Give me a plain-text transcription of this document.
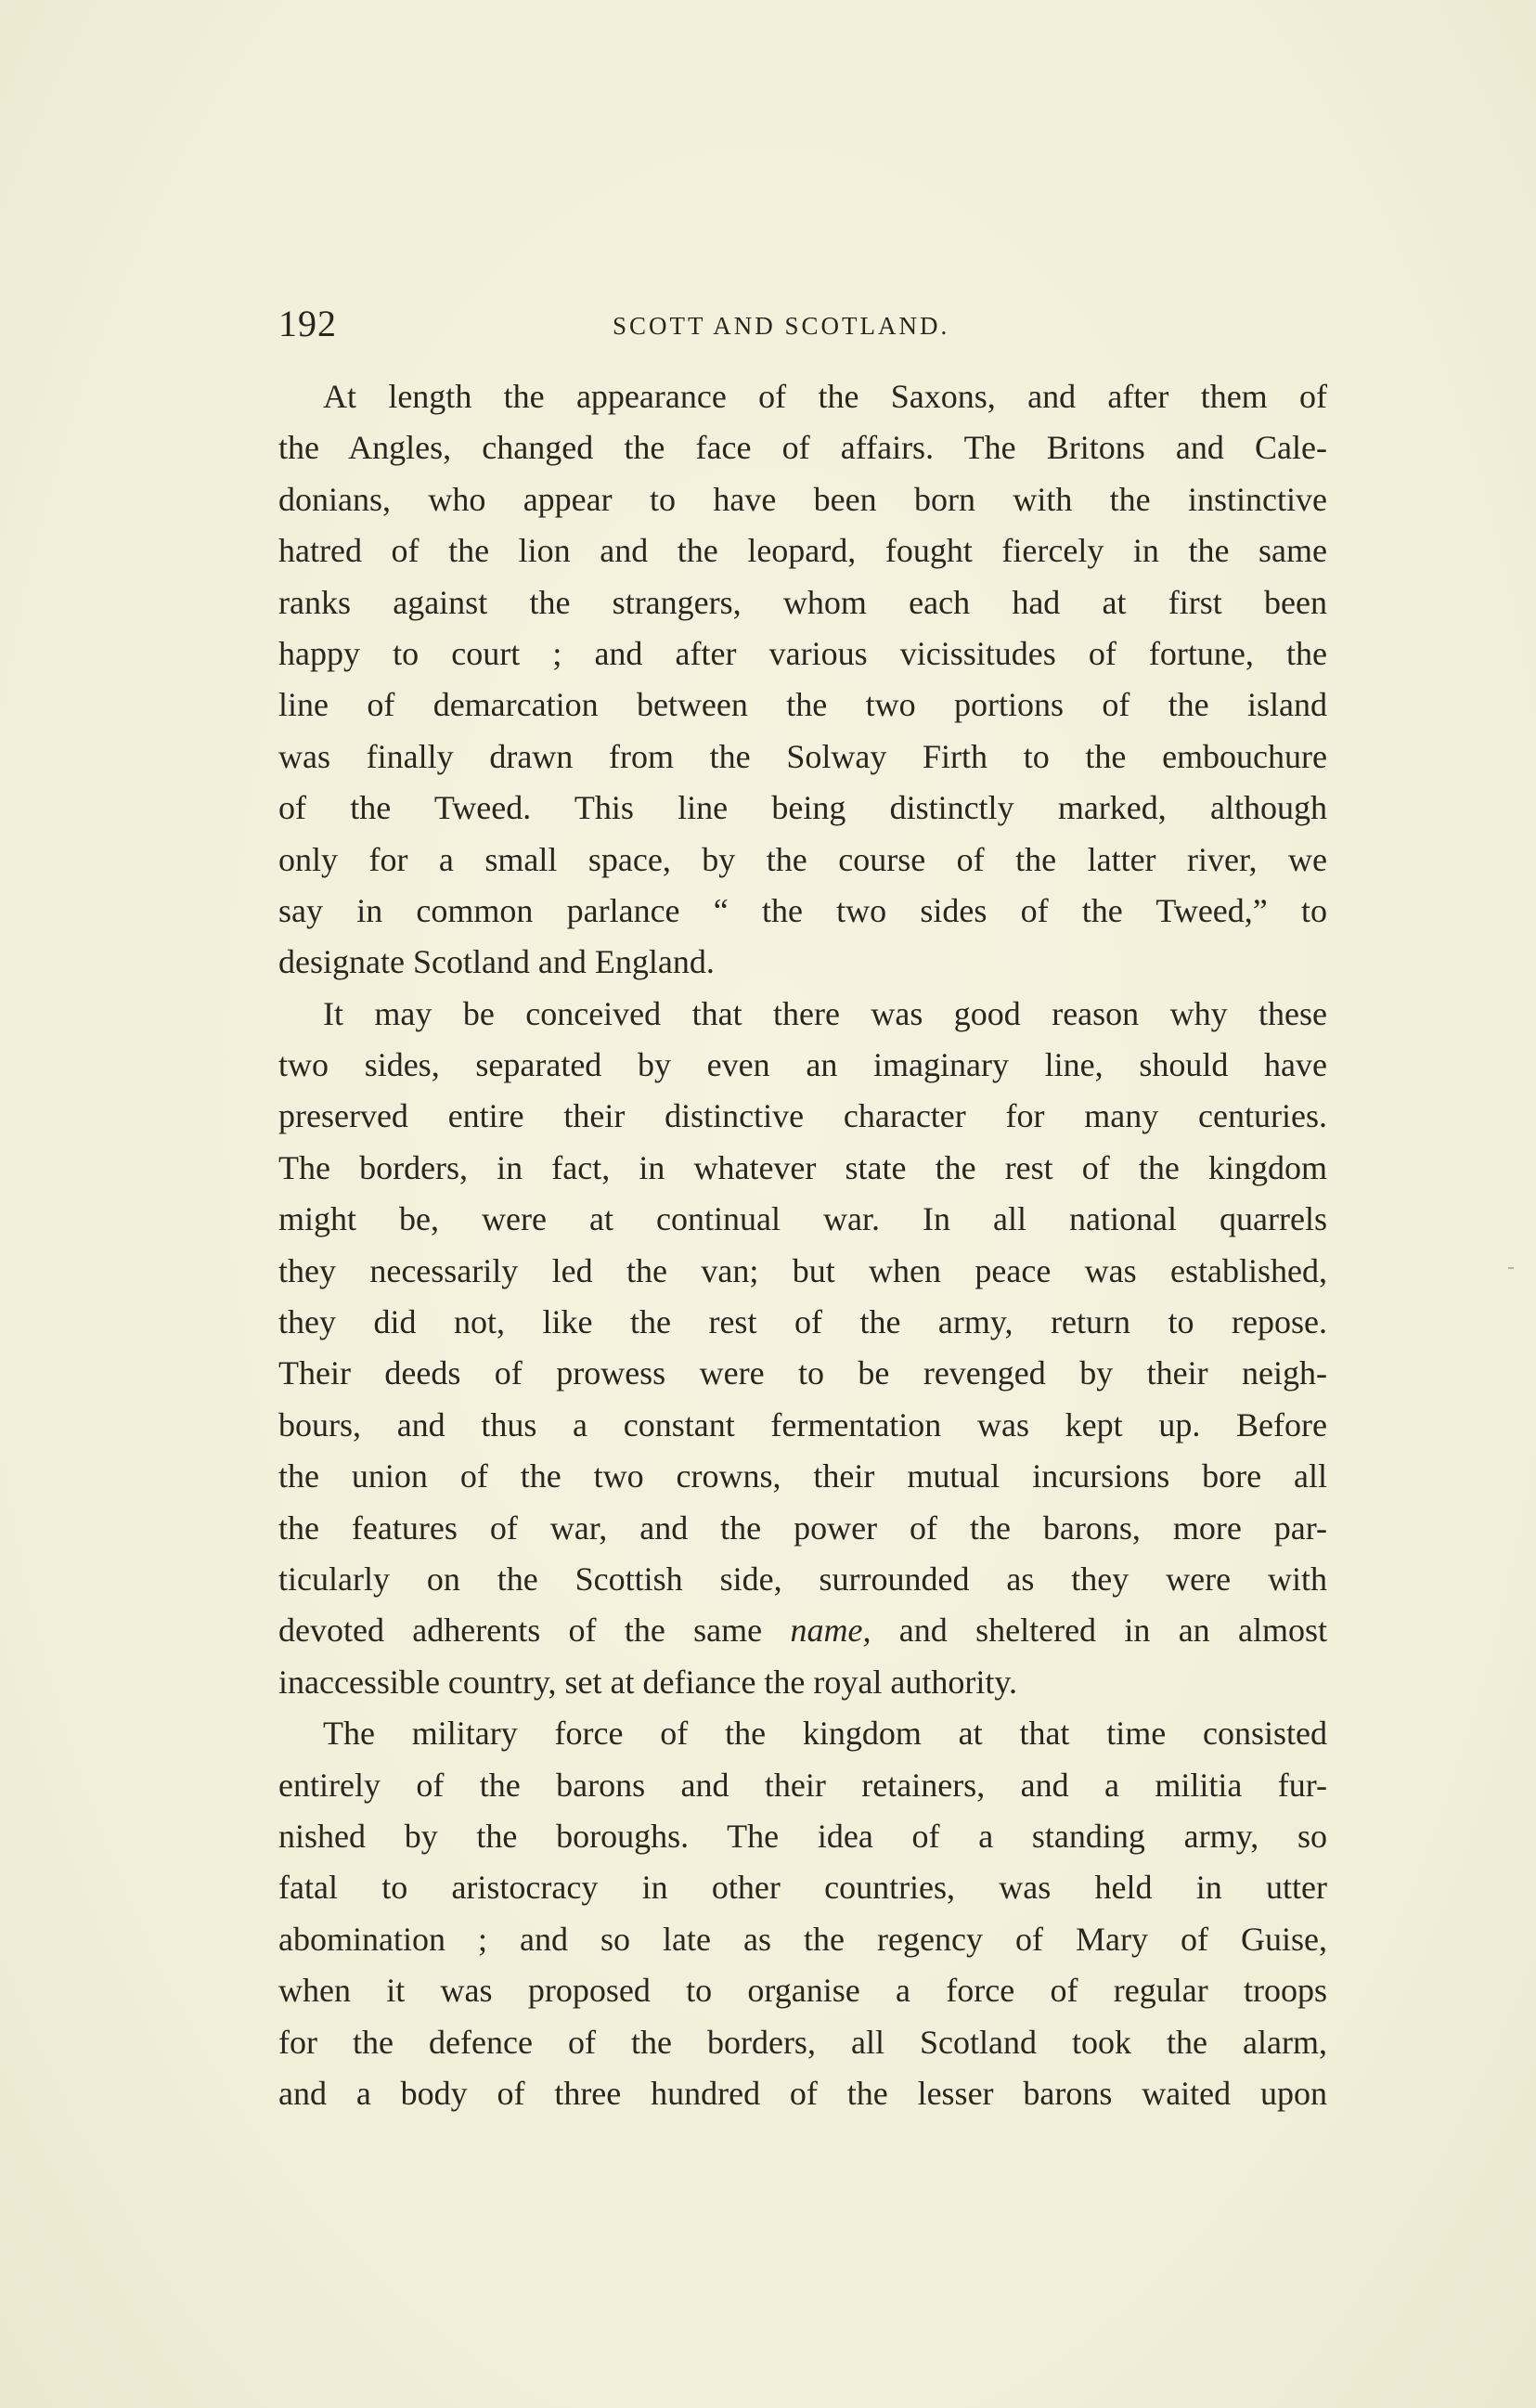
192	SCOTT AND SCOTLAND.
At length the appearance of the Saxons, and after them of
the Angles, changed the face of affairs. The Britons and Cale-
donians, who appear to have been born with the instinctive
hatred of the lion and the leopard, fought fiercely in the same
ranks against the strangers, whom each had at first been
happy to court ; and after various vicissitudes of fortune, the
line of demarcation between the two portions of the island
was finally drawn from the Solway Firth to the embouchure
of the Tweed. This line being distinctly marked, although
only for a small space, by the course of the latter river, we
say in common parlance “ the two sides of the Tweed,” to
designate Scotland and England.
It may be conceived that there was good reason why these
two sides, separated by even an imaginary line, should have
preserved entire their distinctive character for many centuries.
The borders, in fact, in whatever state the rest of the kingdom
might be, were at continual war. In all national quarrels
they necessarily led the van; but when peace was established,
they did not, like the rest of the army, return to repose.
Their deeds of prowess were to be revenged by their neigh-
bours, and thus a constant fermentation was kept up. Before
the union of the two crowns, their mutual incursions bore all
the features of war, and the power of the barons, more par-
ticularly on the Scottish side, surrounded as they were with
devoted adherents of the same name, and sheltered in an almost
inaccessible country, set at defiance the royal authority.
The military force of the kingdom at that time consisted
entirely of the barons and their retainers, and a militia fur-
nished by the boroughs. The idea of a standing army, so
fatal to aristocracy in other countries, was held in utter
abomination ; and so late as the regency of Mary of Guise,
when it was proposed to organise a force of regular troops
for the defence of the borders, all Scotland took the alarm,
and a body of three hundred of the lesser barons waited upon
